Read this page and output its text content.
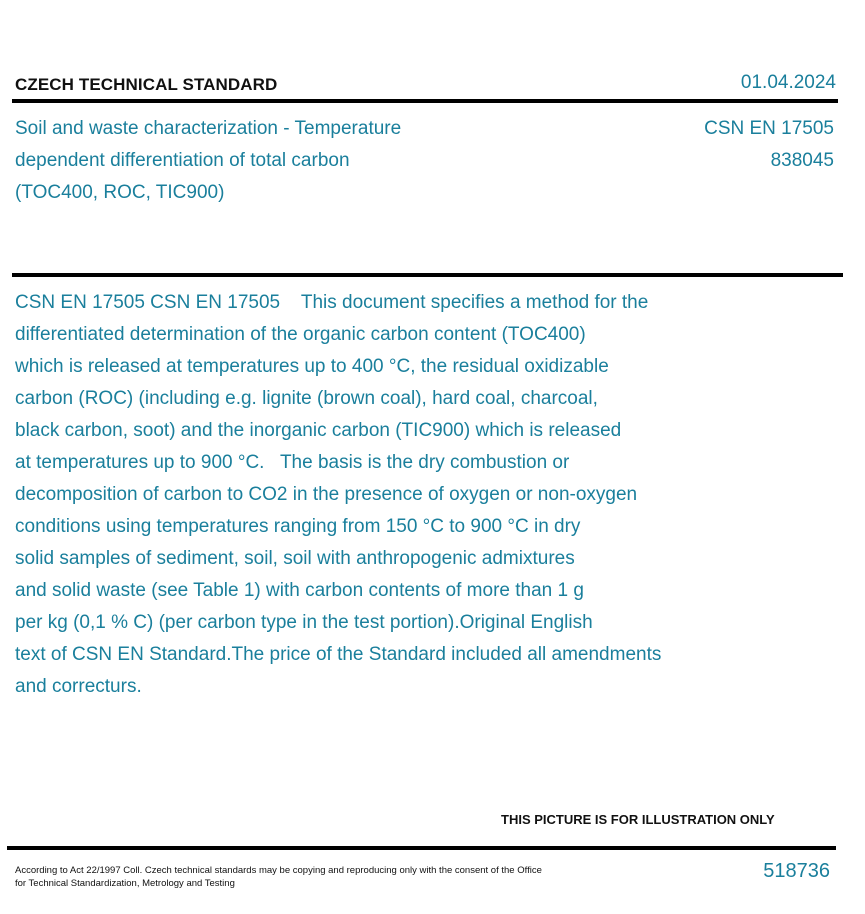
CZECH TECHNICAL STANDARD	01.04.2024
Soil and waste characterization - Temperature
dependent differentiation of total carbon
(TOC400, ROC, TIC900)
CSN EN 17505
838045
CSN EN 17505 CSN EN 17505    This document specifies a method for the
differentiated determination of the organic carbon content (TOC400)
which is released at temperatures up to 400 °C, the residual oxidizable
carbon (ROC) (including e.g. lignite (brown coal), hard coal, charcoal,
black carbon, soot) and the inorganic carbon (TIC900) which is released
at temperatures up to 900 °C.   The basis is the dry combustion or
decomposition of carbon to CO2 in the presence of oxygen or non-oxygen
conditions using temperatures ranging from 150 °C to 900 °C in dry
solid samples of sediment, soil, soil with anthropogenic admixtures
and solid waste (see Table 1) with carbon contents of more than 1 g
per kg (0,1 % C) (per carbon type in the test portion).Original English
text of CSN EN Standard.The price of the Standard included all amendments
and correcturs.
THIS PICTURE IS FOR ILLUSTRATION ONLY
According to Act 22/1997 Coll. Czech technical standards may be copying and reproducing only with the consent of the Office
for Technical Standardization, Metrology and Testing
518736
